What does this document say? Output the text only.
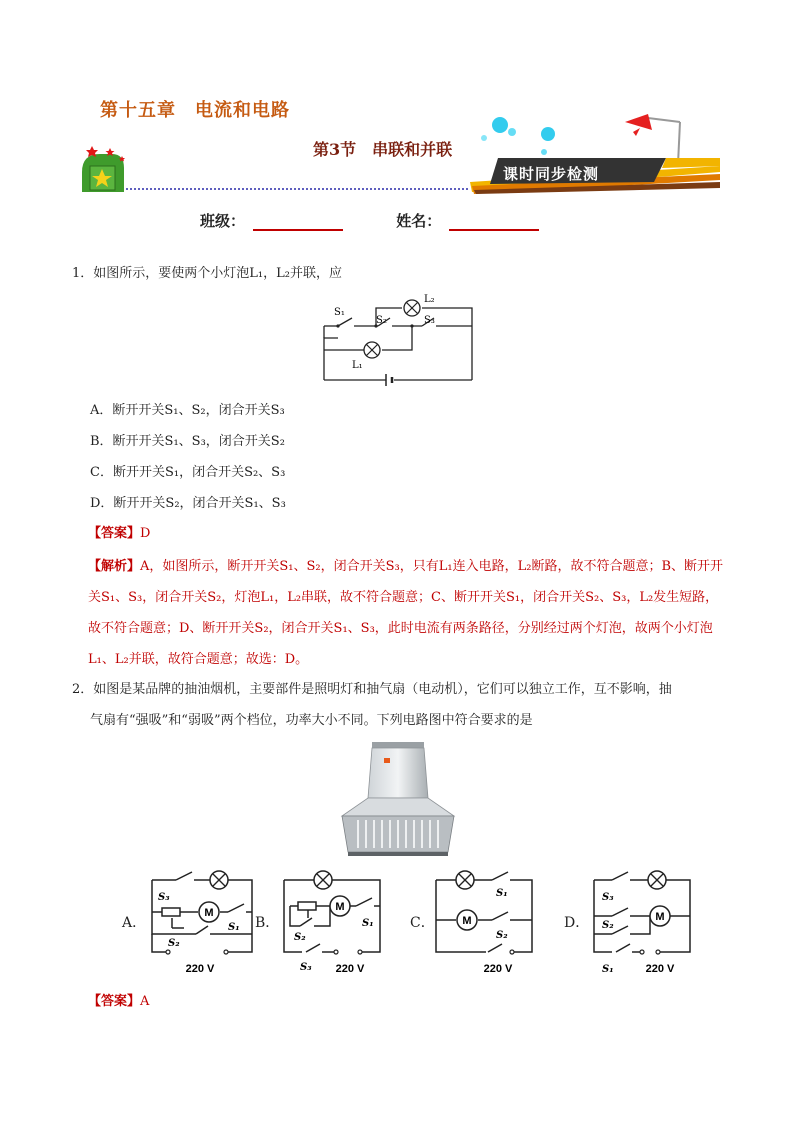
第十五章　电流和电路
第3节　串联和并联
课时同步检测
班级：	姓名：
1．如图所示，要使两个小灯泡L₁，L₂并联，应
S₁
S₂	S₃
L₁
L₂
A．断开开关S₁、S₂，闭合开关S₃
B．断开开关S₁、S₃，闭合开关S₂
C．断开开关S₁，闭合开关S₂、S₃
D．断开开关S₂，闭合开关S₁、S₃
【答案】D
【解析】A，如图所示，断开开关S₁、S₂，闭合开关S₃，只有L₁连入电路，L₂断路，故不符合题意；B、断开开关S₁、S₃，闭合开关S₂，灯泡L₁，L₂串联，故不符合题意；C、断开开关S₁，闭合开关S₂、S₃，L₂发生短路，故不符合题意；D、断开开关S₂，闭合开关S₁、S₃，此时电流有两条路径，分别经过两个灯泡，故两个小灯泡L₁、L₂并联，故符合题意；故选：D。
2．如图是某品牌的抽油烟机，主要部件是照明灯和抽气扇（电动机），它们可以独立工作，互不影响，抽
气扇有“强吸”和“弱吸”两个档位，功率大小不同。下列电路图中符合要求的是
A．
M
S₃
S₂
S₁
220 V
B．
M
S₂
S₃
S₁
220 V
C．	M
S₁
S₂
220 V
D．	M
S₃
S₂
S₁	220 V
【答案】A
